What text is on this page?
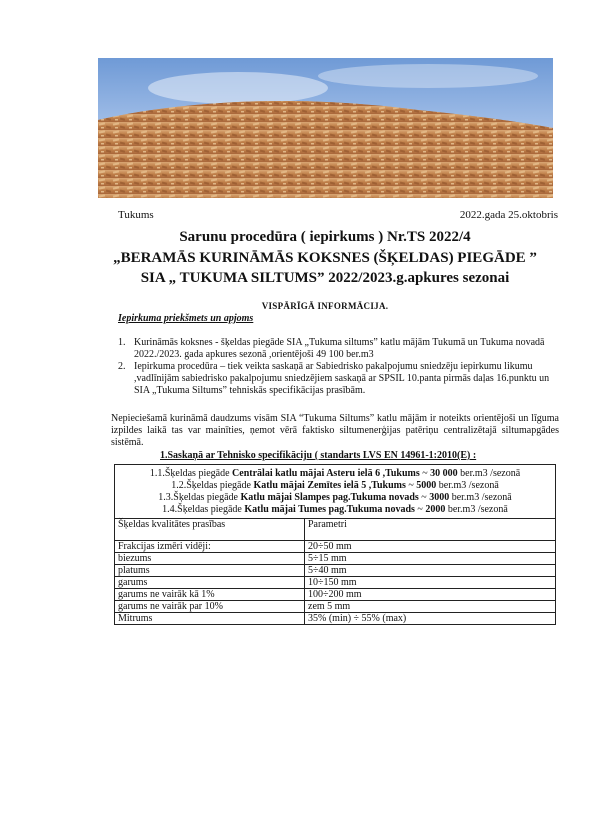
Tukums	2022.gada 25.oktobris
Sarunu procedūra ( iepirkums ) Nr.TS 2022/4
„BERAMĀS KURINĀMĀS KOKSNES (ŠĶELDAS) PIEGĀDE ”
SIA „ TUKUMA SILTUMS” 2022/2023.g.apkures sezonai
VISPĀRĪGĀ INFORMĀCIJA.
Iepirkuma priekšmets un apjoms
1. Kurināmās koksnes - šķeldas piegāde SIA „Tukuma siltums” katlu mājām Tukumā un Tukuma novadā 2022./2023. gada apkures sezonā ,orientējoši 49 100 ber.m3
2. Iepirkuma procedūra – tiek veikta saskaņā ar Sabiedrisko pakalpojumu sniedzēju iepirkumu likumu ,vadlīnijām sabiedrisko pakalpojumu sniedzējiem saskaņā ar SPSIL 10.panta pirmās daļas 16.punktu un SIA „Tukuma Siltums” tehniskās specifikācijas prasībām.
Nepieciešamā kurināmā daudzums visām SIA “Tukuma Siltums” katlu mājām ir noteikts orientējoši un līguma izpildes laikā tas var mainīties, ņemot vērā faktisko siltumenerģijas patēriņu centralizētajā siltumapgādes sistēmā.
1.Saskaņā ar Tehnisko specifikāciju ( standarts LVS EN 14961-1:2010(E) :
1.1.Šķeldas piegāde Centrālai katlu mājai Asteru ielā 6 ,Tukums ~ 30 000 ber.m3 /sezonā
1.2.Šķeldas piegāde Katlu mājai Zemītes ielā 5 ,Tukums ~ 5000 ber.m3 /sezonā
1.3.Šķeldas piegāde Katlu mājai Slampes pag.Tukuma novads ~ 3000 ber.m3 /sezonā
1.4.Šķeldas piegāde Katlu mājai Tumes pag.Tukuma novads ~ 2000 ber.m3 /sezonā	

Šķeldas kvalitātes prasības	Parametri
Frakcijas izmēri vidēji:	20÷50 mm
biezums	5÷15 mm
platums	5÷40 mm
garums	10÷150 mm
garums ne vairāk kā 1%	100÷200 mm
garums ne vairāk par 10%	zem 5 mm
Mitrums	35% (min) ÷ 55% (max)
